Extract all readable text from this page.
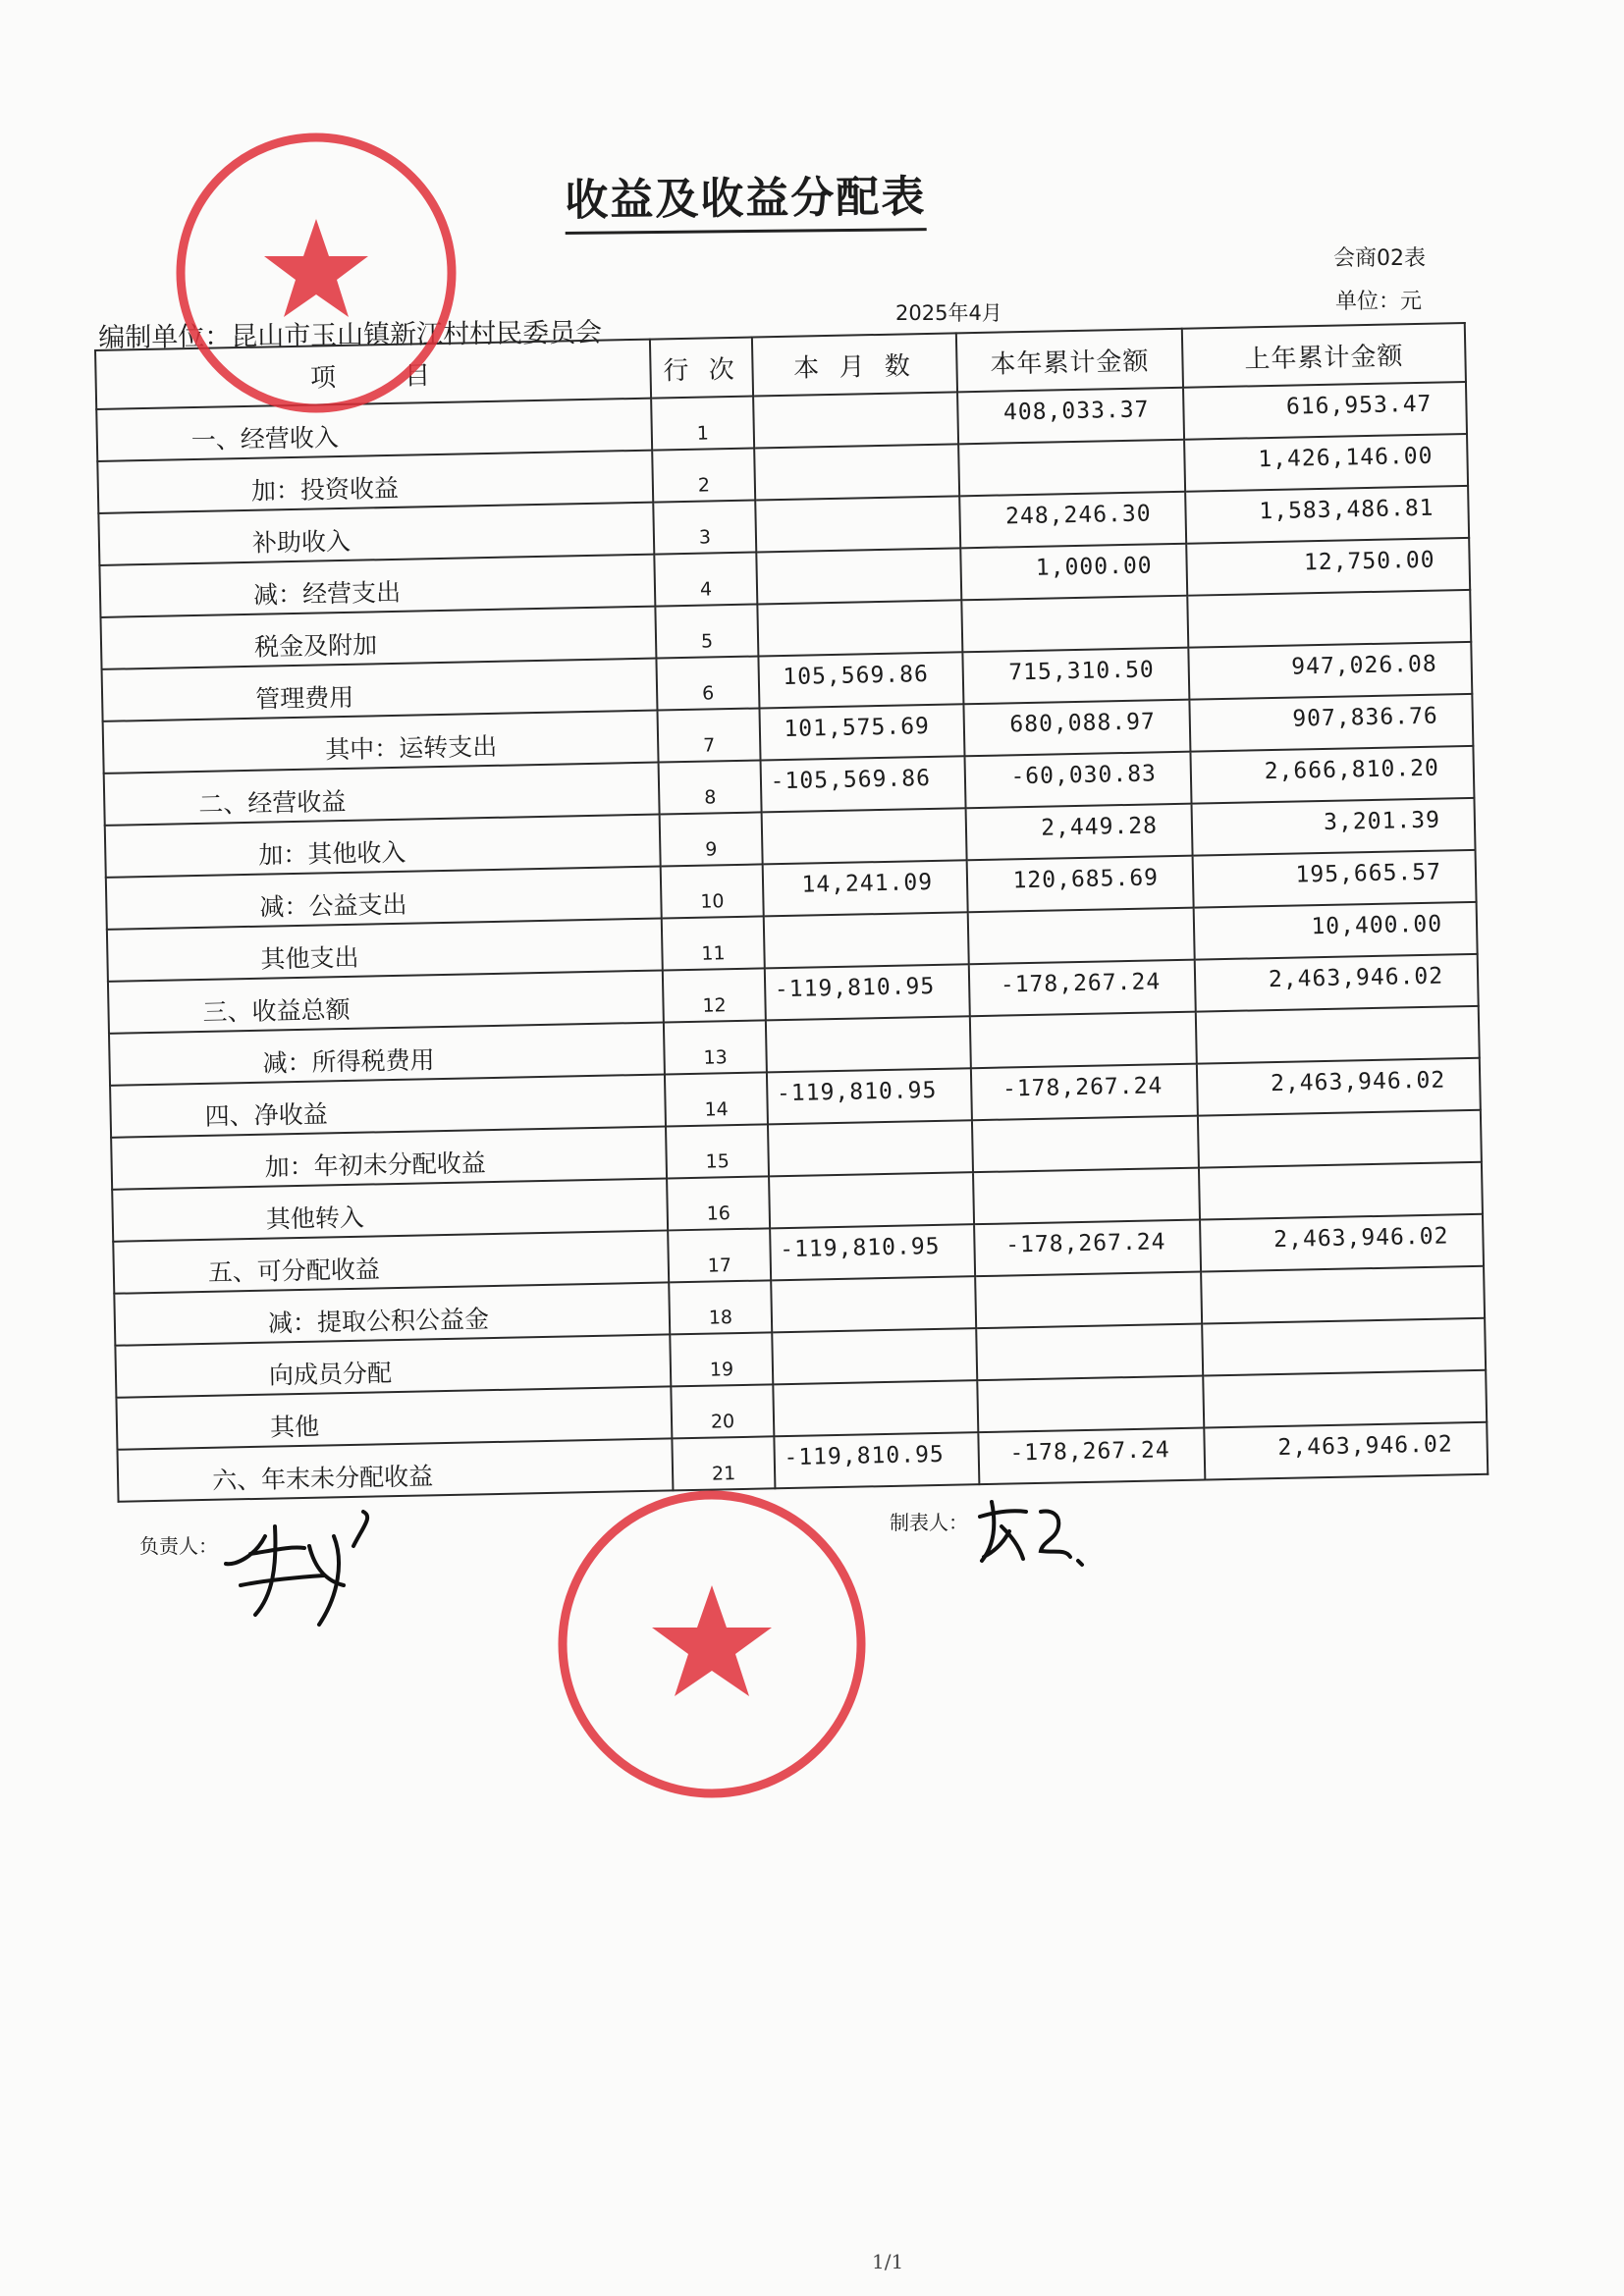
收益及收益分配表
会商02表
单位：元
2025年4月
编制单位：昆山市玉山镇新江村村民委员会
项　　目	行 次	本 月 数	本年累计金额	上年累计金额
一、经营收入	1		408,033.37	616,953.47
加：投资收益	2			1,426,146.00
补助收入	3		248,246.30	1,583,486.81
减：经营支出	4		1,000.00	12,750.00
税金及附加	5			
管理费用	6	105,569.86	715,310.50	947,026.08
其中：运转支出	7	101,575.69	680,088.97	907,836.76
二、经营收益	8	-105,569.86	-60,030.83	2,666,810.20
加：其他收入	9		2,449.28	3,201.39
减：公益支出	10	14,241.09	120,685.69	195,665.57
其他支出	11			10,400.00
三、收益总额	12	-119,810.95	-178,267.24	2,463,946.02
减：所得税费用	13			
四、净收益	14	-119,810.95	-178,267.24	2,463,946.02
加：年初未分配收益	15			
其他转入	16			
五、可分配收益	17	-119,810.95	-178,267.24	2,463,946.02
减：提取公积公益金	18			
向成员分配	19			
其他	20			
六、年末未分配收益	21	-119,810.95	-178,267.24	2,463,946.02
负责人：
制表人：
1/1
